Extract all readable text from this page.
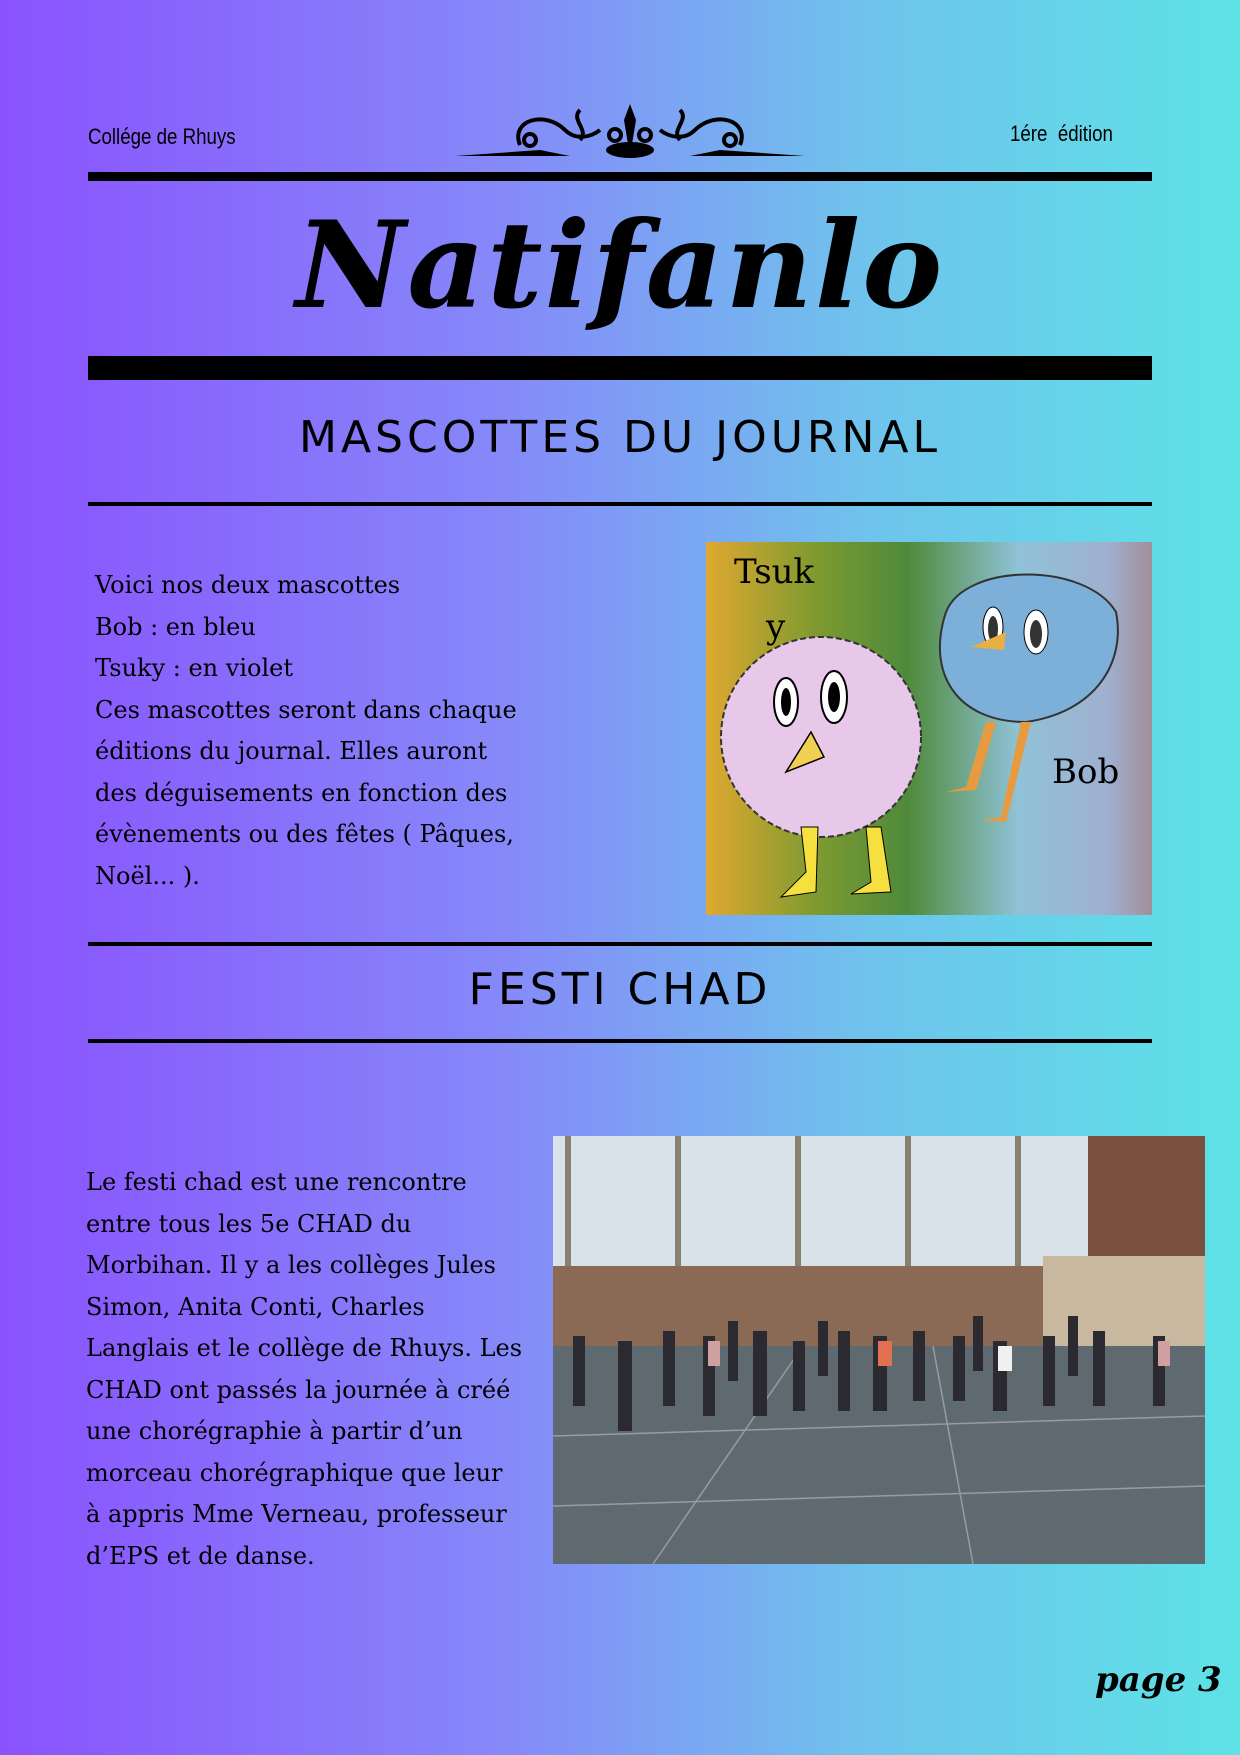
Collége de Rhuys	1ére  édition
Natifanlo
MASCOTTES DU JOURNAL
Voici nos deux mascottes
Bob : en bleu
Tsuky : en violet
Ces mascottes seront dans chaque
éditions du journal. Elles auront
des déguisements en fonction des
évènements ou des fêtes ( Pâques,
Noël... ).
Tsuk
y
Bob
FESTI CHAD
Le festi chad est une rencontre
entre tous les 5e CHAD du
Morbihan. Il y a les collèges Jules
Simon, Anita Conti, Charles
Langlais et le collège de Rhuys. Les
CHAD ont passés la journée à créé
une chorégraphie à partir d’un
morceau chorégraphique que leur
à appris Mme Verneau, professeur
d’EPS et de danse.
page 3
